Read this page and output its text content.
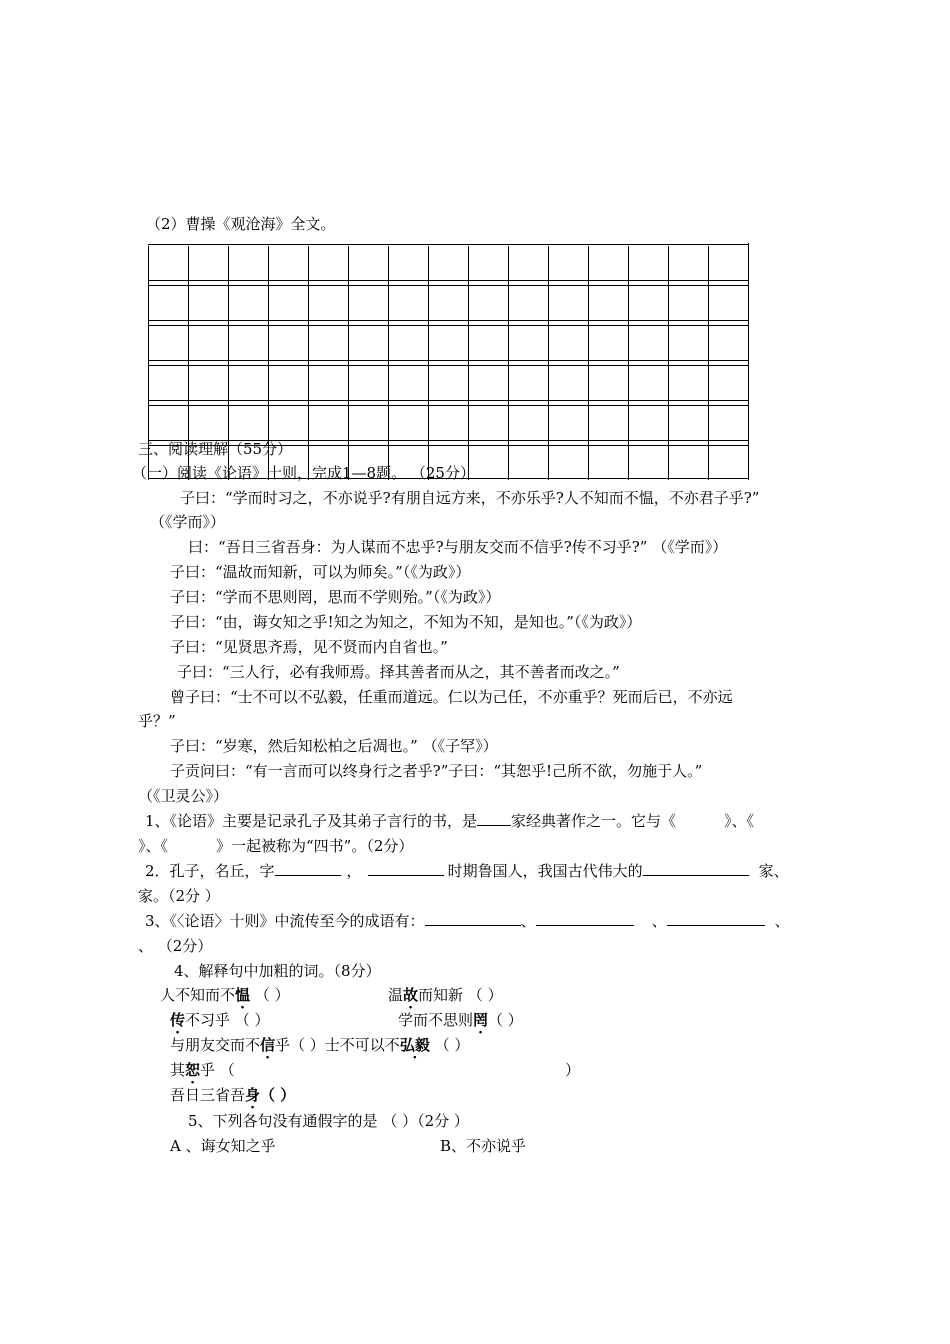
（2）曹操《观沧海》全文。
三、阅读理解（55分）
（一）阅读《论语》十则，完成1—8题。 （25分）
子曰：“学而时习之，不亦说乎?有朋自远方来，不亦乐乎?人不知而不愠，不亦君子乎?”
（《学而》）
曰：“吾日三省吾身：为人谋而不忠乎?与朋友交而不信乎?传不习乎?” （《学而》）
子曰：“温故而知新，可以为师矣。”（《为政》）
子曰：“学而不思则罔，思而不学则殆。”（《为政》）
子曰：“由，诲女知之乎!知之为知之，不知为不知，是知也。”（《为政》）
子曰：“见贤思齐焉，见不贤而内自省也。”
子曰：“三人行，必有我师焉。择其善者而从之，其不善者而改之。”
曾子曰：“士不可以不弘毅，任重而道远。仁以为己任，不亦重乎？死而后已，不亦远
乎？”
子曰：“岁寒，然后知松柏之后凋也。” （《子罕》）
子贡问曰：“有一言而可以终身行之者乎?”子曰：“其恕乎!己所不欲，勿施于人。”
（《卫灵公》）
1、《论语》主要是记录孔子及其弟子言行的书，是 家经典著作之一。它与《	》、《
》、《	》一起被称为“四书”。（2分）
2．孔子，名丘，字	，	时期鲁国人，我国古代伟大的	家、
家。（2分 ）
3、《〈论语〉十则》中流传至今的成语有：	、	、	、
、 （2分）
4、解释句中加粗的词。（8分）
人不知而不愠 （ ）	温故而知新 （ ）
传不习乎 （ ）	学而不思则罔（ ）
与朋友交而不信乎（ ）士不可以不弘毅 （ ）
其恕乎 （	）
吾日三省吾身（ ）
5、下列各句没有通假字的是 （ ）（2分 ）
A 、诲女知之乎	B、不亦说乎
